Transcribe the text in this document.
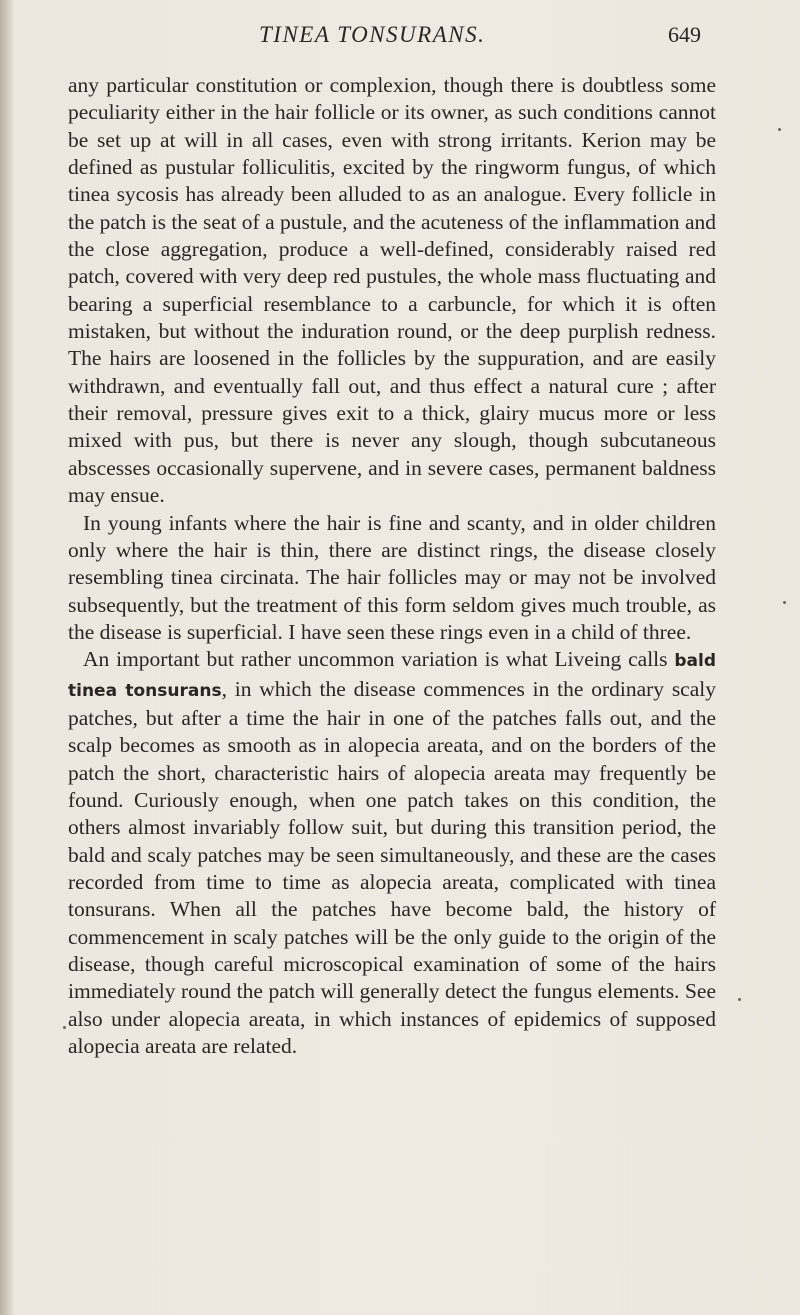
TINEA TONSURANS.	649

any particular constitution or complexion, though there is doubtless some peculiarity either in the hair follicle or its owner, as such conditions cannot be set up at will in all cases, even with strong irritants. Kerion may be defined as pustular folliculitis, excited by the ringworm fungus, of which tinea sycosis has already been alluded to as an analogue. Every follicle in the patch is the seat of a pustule, and the acuteness of the inflammation and the close aggregation, produce a well-defined, considerably raised red patch, covered with very deep red pustules, the whole mass fluctuating and bearing a superficial resemblance to a carbuncle, for which it is often mistaken, but without the induration round, or the deep purplish redness. The hairs are loosened in the follicles by the suppuration, and are easily withdrawn, and eventually fall out, and thus effect a natural cure ; after their removal, pressure gives exit to a thick, glairy mucus more or less mixed with pus, but there is never any slough, though subcutaneous abscesses occasionally supervene, and in severe cases, permanent baldness may ensue.

In young infants where the hair is fine and scanty, and in older children only where the hair is thin, there are distinct rings, the disease closely resembling tinea circinata. The hair follicles may or may not be involved subsequently, but the treatment of this form seldom gives much trouble, as the disease is superficial. I have seen these rings even in a child of three.

An important but rather uncommon variation is what Liveing calls bald tinea tonsurans, in which the disease commences in the ordinary scaly patches, but after a time the hair in one of the patches falls out, and the scalp becomes as smooth as in alopecia areata, and on the borders of the patch the short, characteristic hairs of alopecia areata may frequently be found. Curiously enough, when one patch takes on this condition, the others almost invariably follow suit, but during this transition period, the bald and scaly patches may be seen simultaneously, and these are the cases recorded from time to time as alopecia areata, complicated with tinea tonsurans. When all the patches have become bald, the history of commencement in scaly patches will be the only guide to the origin of the disease, though careful microscopical examination of some of the hairs immediately round the patch will generally detect the fungus elements. See also under alopecia areata, in which instances of epidemics of supposed alopecia areata are related.
